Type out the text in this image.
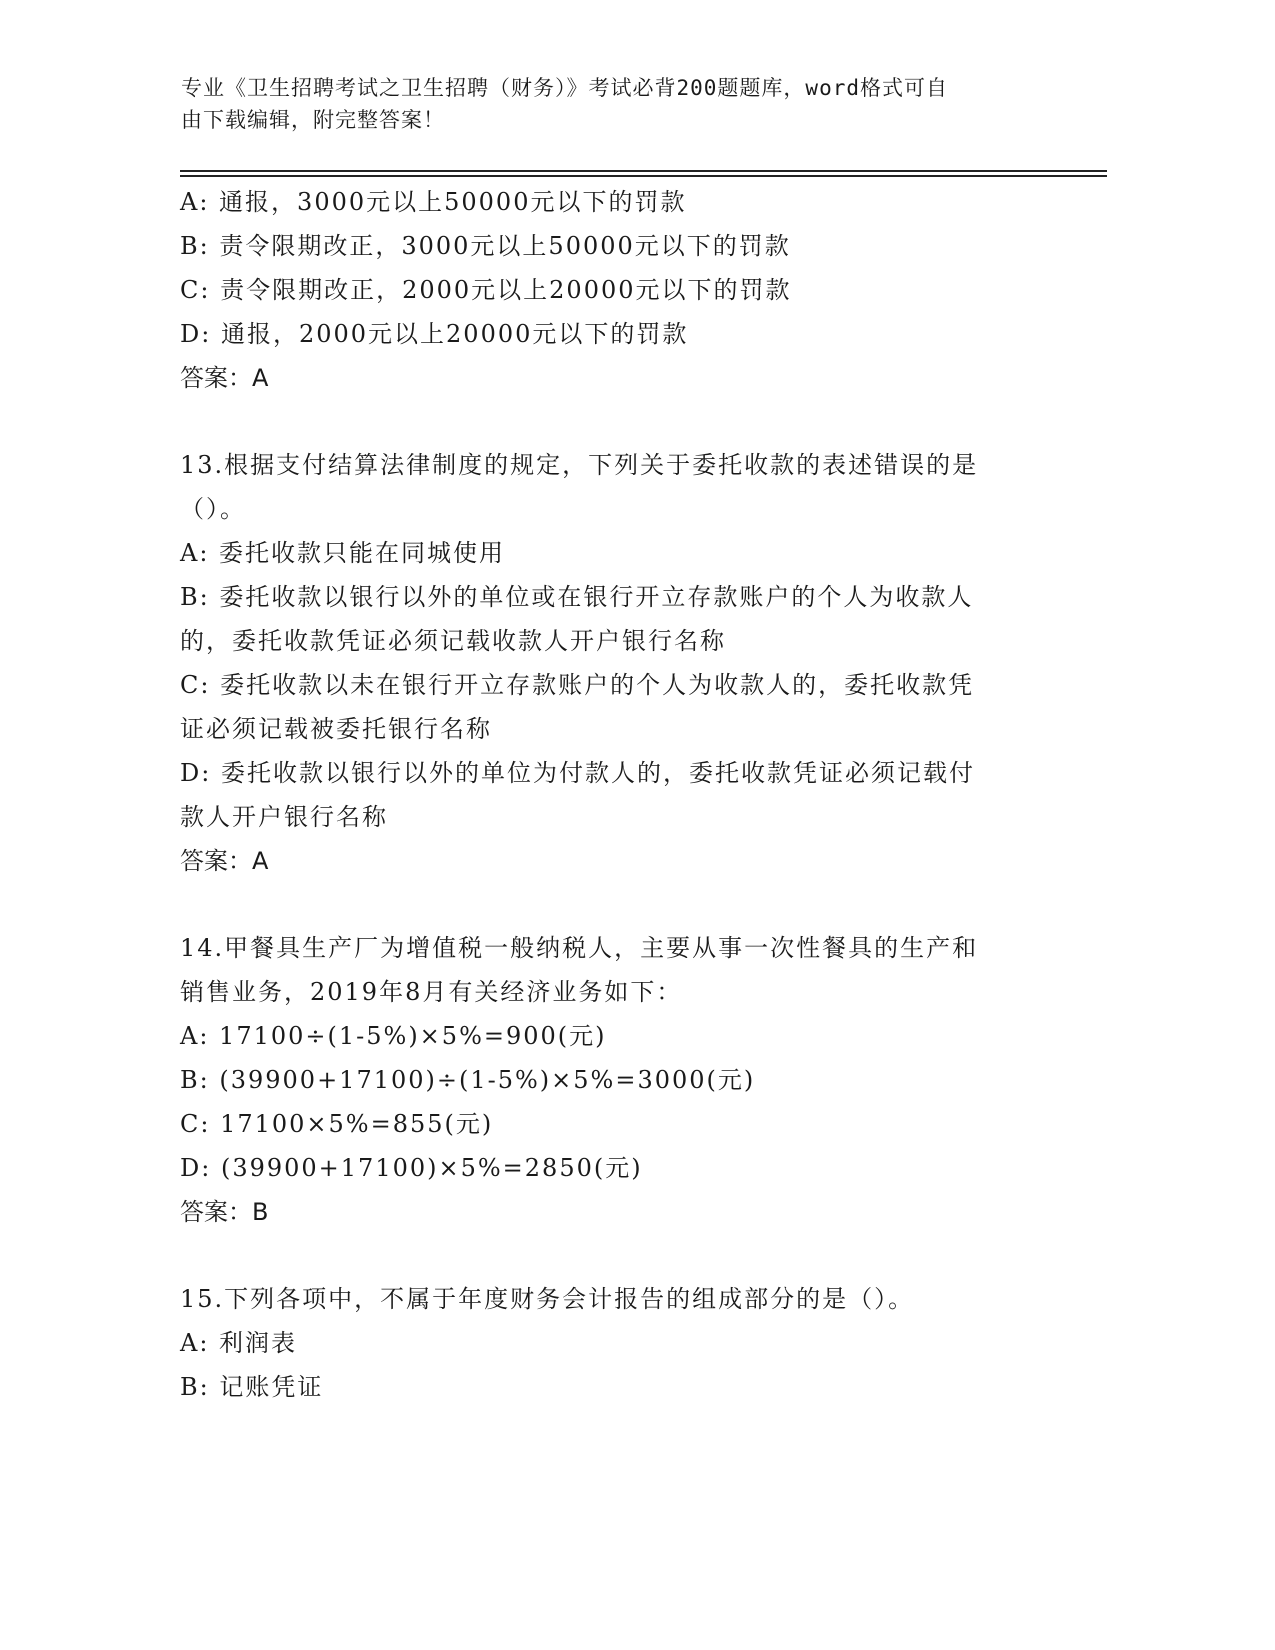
专业《卫生招聘考试之卫生招聘（财务）》考试必背200题题库，word格式可自
由下载编辑，附完整答案！
A: 通报，3000元以上50000元以下的罚款
B: 责令限期改正，3000元以上50000元以下的罚款
C: 责令限期改正，2000元以上20000元以下的罚款
D: 通报，2000元以上20000元以下的罚款
答案：A
13.根据支付结算法律制度的规定，下列关于委托收款的表述错误的是
（）。
A: 委托收款只能在同城使用
B: 委托收款以银行以外的单位或在银行开立存款账户的个人为收款人
的，委托收款凭证必须记载收款人开户银行名称
C: 委托收款以未在银行开立存款账户的个人为收款人的，委托收款凭
证必须记载被委托银行名称
D: 委托收款以银行以外的单位为付款人的，委托收款凭证必须记载付
款人开户银行名称
答案：A
14.甲餐具生产厂为增值税一般纳税人，主要从事一次性餐具的生产和
销售业务，2019年8月有关经济业务如下：
A: 17100÷(1-5%)×5%=900(元)
B: (39900+17100)÷(1-5%)×5%=3000(元)
C: 17100×5%=855(元)
D: (39900+17100)×5%=2850(元)
答案：B
15.下列各项中，不属于年度财务会计报告的组成部分的是（）。
A: 利润表
B: 记账凭证
